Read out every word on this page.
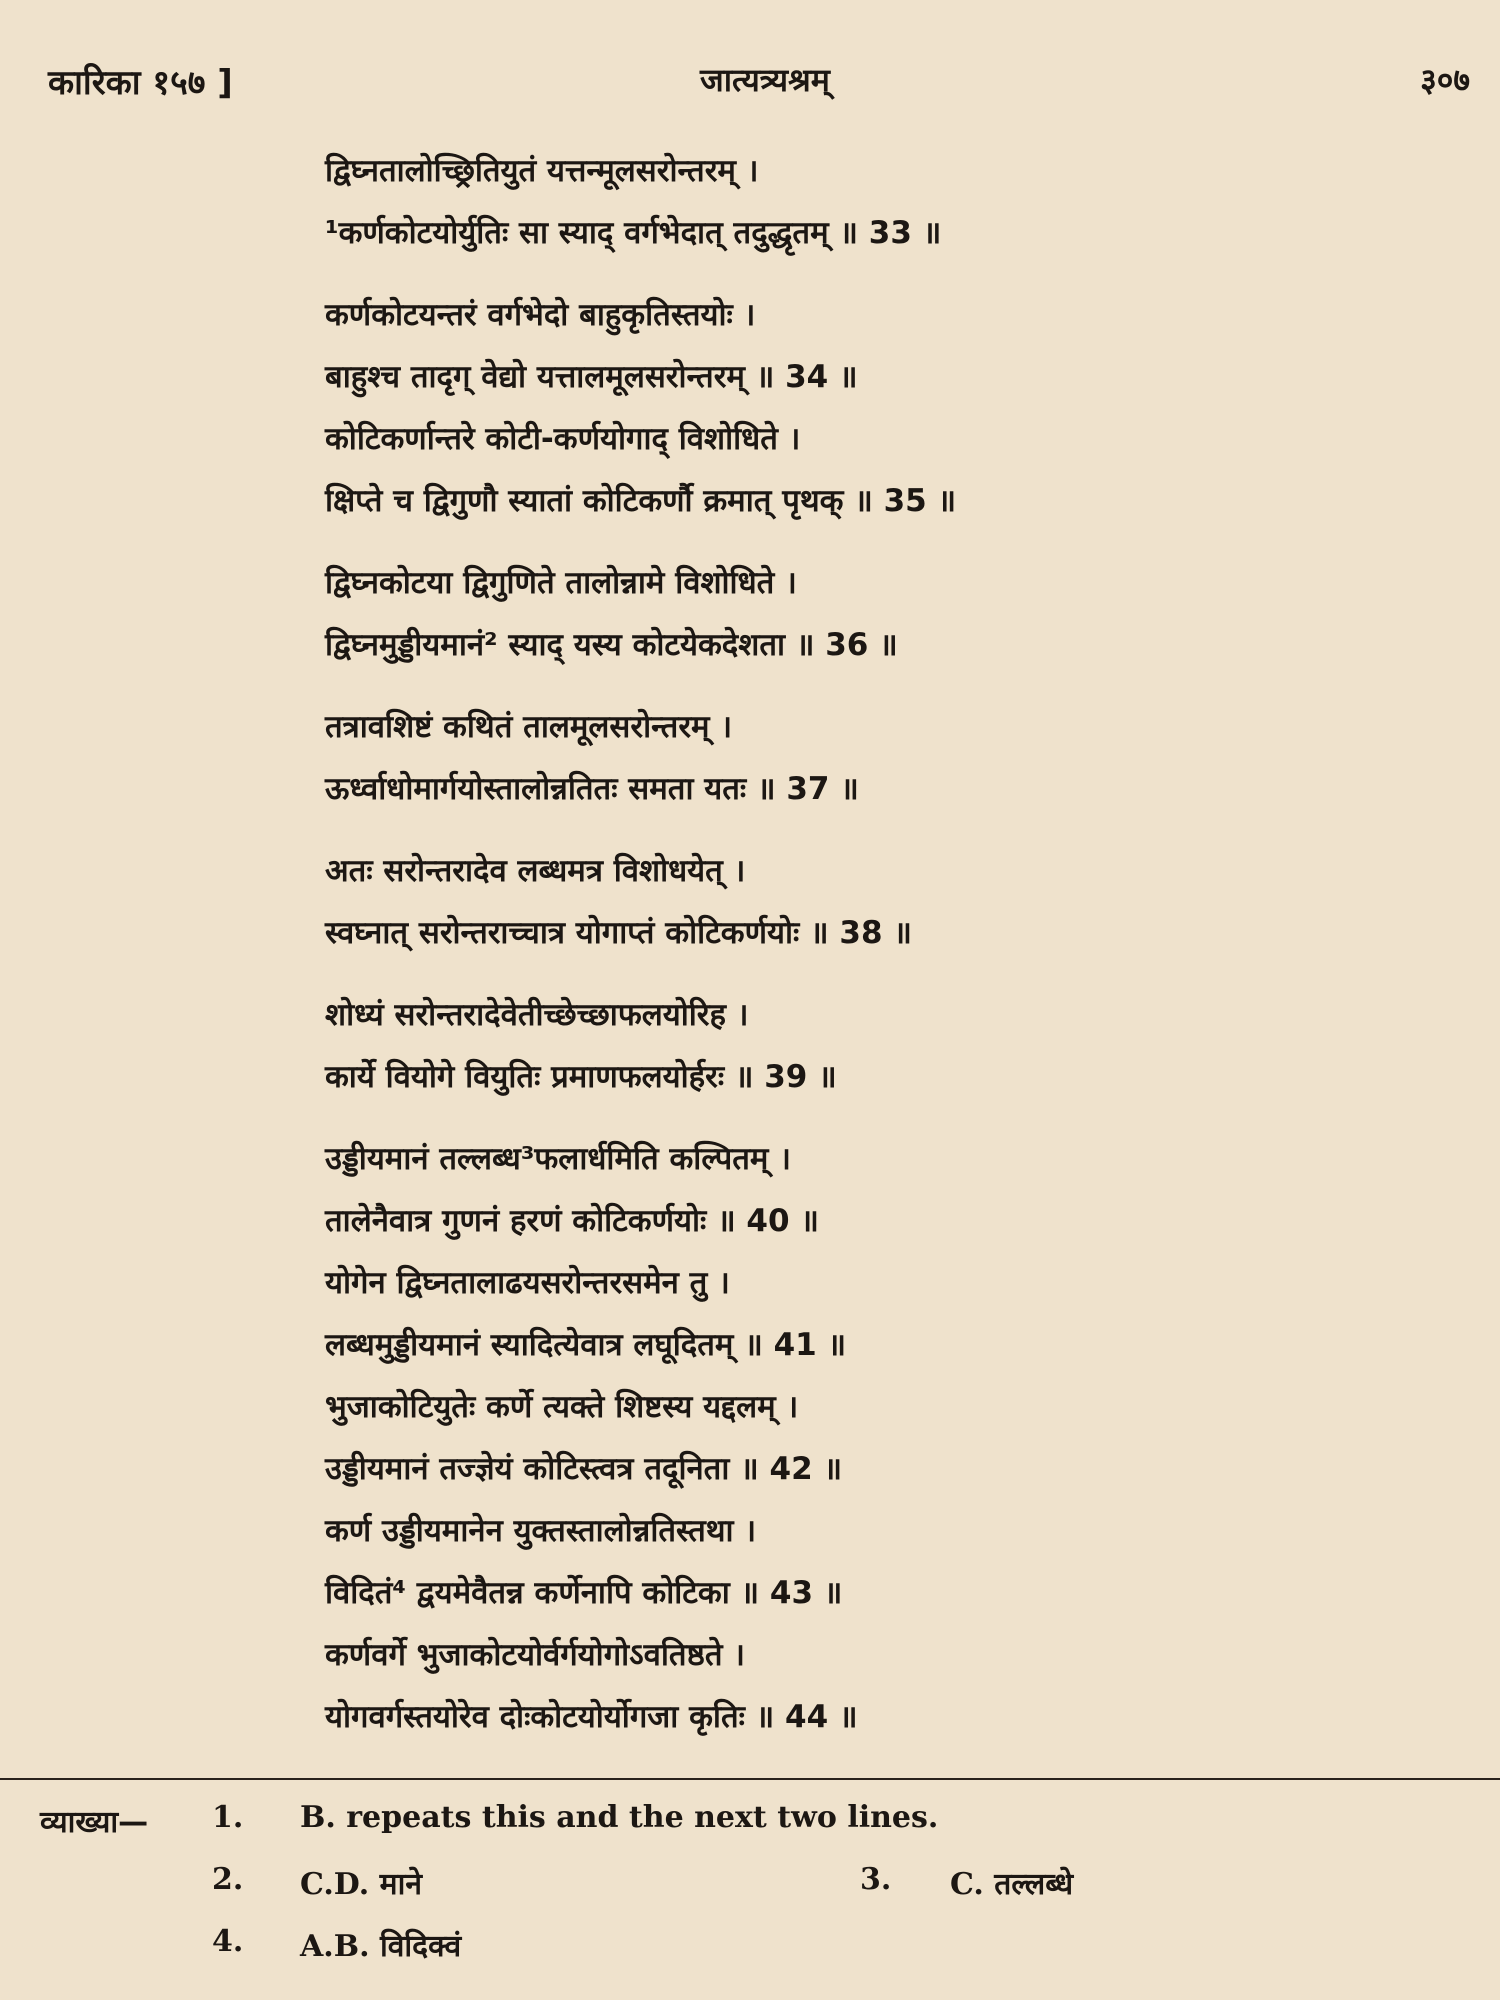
कारिका १५७ ]	जात्यत्र्यश्रम्	३०७
द्विघ्नतालोच्छ्रितियुतं यत्तन्मूलसरोन्तरम् ।
¹कर्णकोटयोर्युतिः सा स्याद् वर्गभेदात् तदुद्धृतम् ॥ 33 ॥
कर्णकोटयन्तरं वर्गभेदो बाहुकृतिस्तयोः ।
बाहुश्च तादृग् वेद्यो यत्तालमूलसरोन्तरम् ॥ 34 ॥
कोटिकर्णान्तरे कोटी-कर्णयोगाद् विशोधिते ।
क्षिप्ते च द्विगुणौ स्यातां कोटिकर्णौ क्रमात् पृथक् ॥ 35 ॥
द्विघ्नकोटया द्विगुणिते तालोन्नामे विशोधिते ।
द्विघ्नमुड्डीयमानं² स्याद् यस्य कोटयेकदेशता ॥ 36 ॥
तत्रावशिष्टं कथितं तालमूलसरोन्तरम् ।
ऊर्ध्वाधोमार्गयोस्तालोन्नतितः समता यतः ॥ 37 ॥
अतः सरोन्तरादेव लब्धमत्र विशोधयेत् ।
स्वघ्नात् सरोन्तराच्चात्र योगाप्तं कोटिकर्णयोः ॥ 38 ॥
शोध्यं सरोन्तरादेवेतीच्छेच्छाफलयोरिह ।
कार्ये वियोगे वियुतिः प्रमाणफलयोर्हरः ॥ 39 ॥
उड्डीयमानं तल्लब्ध³फलार्धमिति कल्पितम् ।
तालेनैवात्र गुणनं हरणं कोटिकर्णयोः ॥ 40 ॥
योगेन द्विघ्नतालाढयसरोन्तरसमेन तु ।
लब्धमुड्डीयमानं स्यादित्येवात्र लघूदितम् ॥ 41 ॥
भुजाकोटियुतेः कर्णे त्यक्ते शिष्टस्य यद्दलम् ।
उड्डीयमानं तज्ज्ञेयं कोटिस्त्वत्र तदूनिता ॥ 42 ॥
कर्ण उड्डीयमानेन युक्तस्तालोन्नतिस्तथा ।
विदितं⁴ द्वयमेवैतन्न कर्णेनापि कोटिका ॥ 43 ॥
कर्णवर्गे भुजाकोटयोर्वर्गयोगोऽवतिष्ठते ।
योगवर्गस्तयोरेव दोःकोटयोर्योगजा कृतिः ॥ 44 ॥
व्याख्या— 1. B. repeats this and the next two lines.
2. C.D. माने	3. C. तल्लब्धे
4. A.B. विदिक्वं
